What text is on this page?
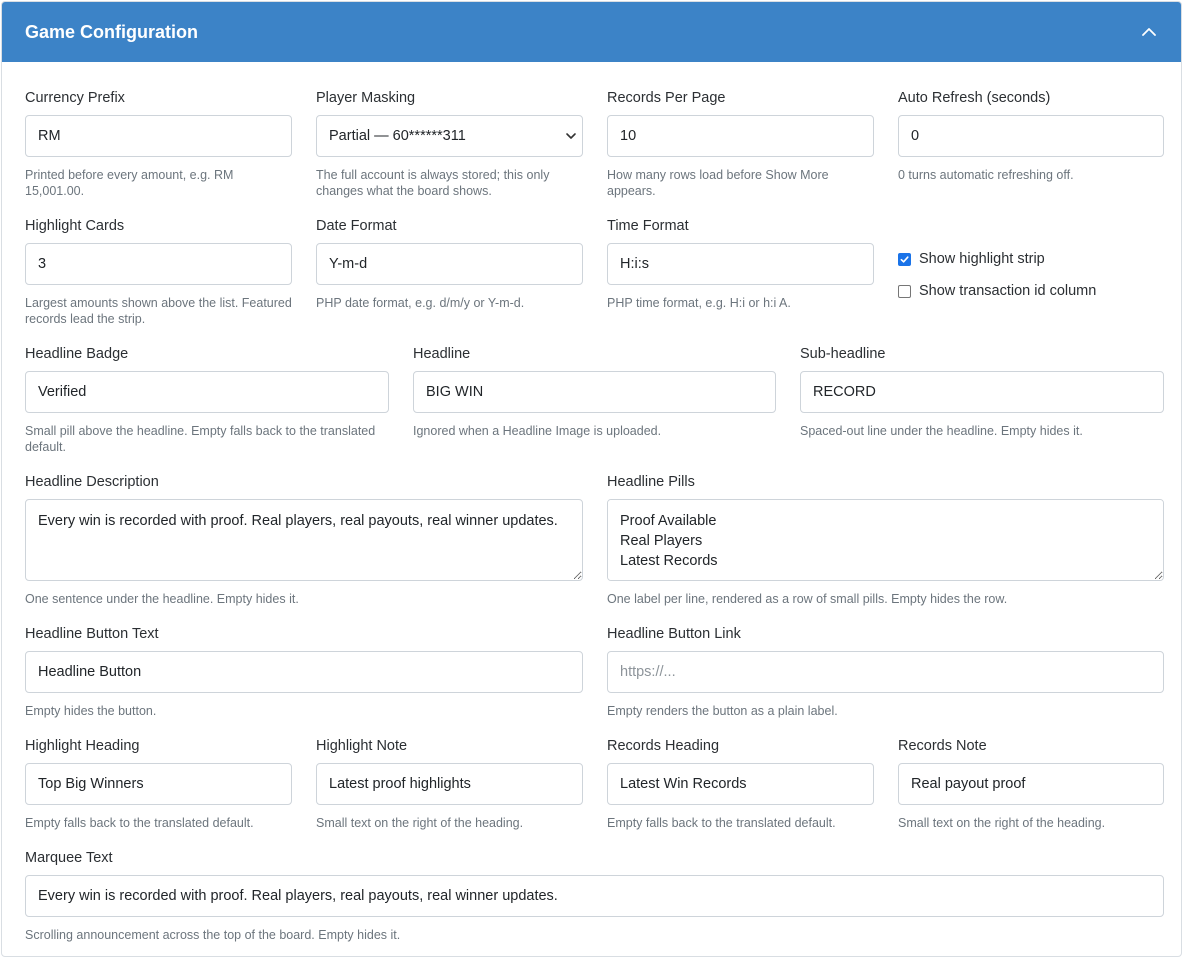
Game Configuration
Currency Prefix
RM
Printed before every amount, e.g. RM 15,001.00.
Player Masking
Partial — 60******311
The full account is always stored; this only changes what the board shows.
Records Per Page
10
How many rows load before Show More appears.
Auto Refresh (seconds)
0
0 turns automatic refreshing off.
Highlight Cards
3
Largest amounts shown above the list. Featured records lead the strip.
Date Format
Y-m-d
PHP date format, e.g. d/m/y or Y-m-d.
Time Format
H:i:s
PHP time format, e.g. H:i or h:i A.
Show highlight strip
Show transaction id column
Headline Badge
Verified
Small pill above the headline. Empty falls back to the translated default.
Headline
BIG WIN
Ignored when a Headline Image is uploaded.
Sub-headline
RECORD
Spaced-out line under the headline. Empty hides it.
Headline Description
Every win is recorded with proof. Real players, real payouts, real winner updates.
One sentence under the headline. Empty hides it.
Headline Pills
Proof Available Real Players Latest Records
One label per line, rendered as a row of small pills. Empty hides the row.
Headline Button Text
Headline Button
Empty hides the button.
Headline Button Link
https://...
Empty renders the button as a plain label.
Highlight Heading
Top Big Winners
Empty falls back to the translated default.
Highlight Note
Latest proof highlights
Small text on the right of the heading.
Records Heading
Latest Win Records
Empty falls back to the translated default.
Records Note
Real payout proof
Small text on the right of the heading.
Marquee Text
Every win is recorded with proof. Real players, real payouts, real winner updates.
Scrolling announcement across the top of the board. Empty hides it.
